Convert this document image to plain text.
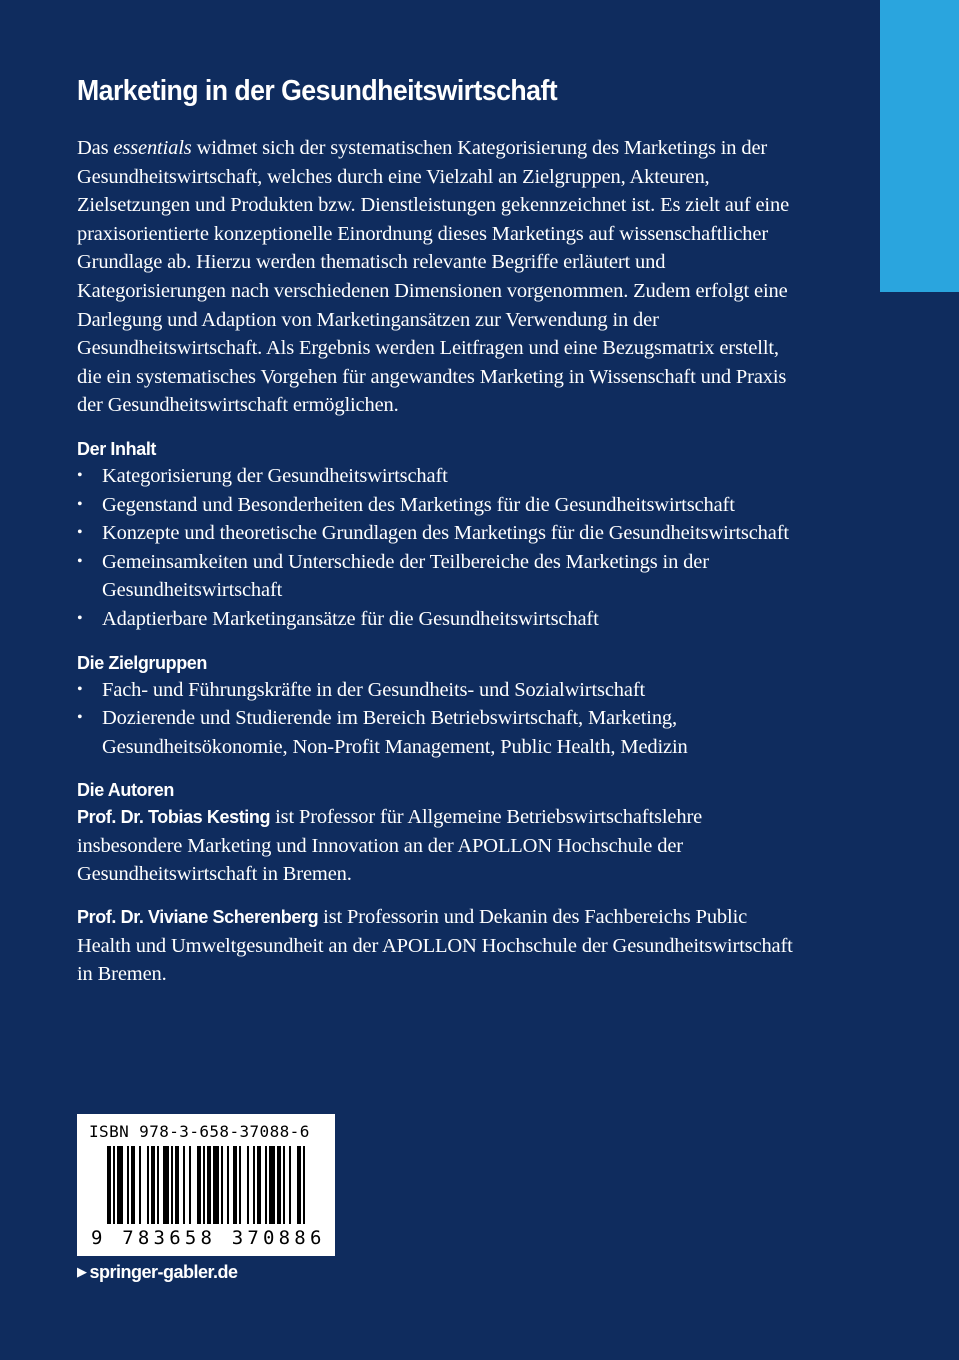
Marketing in der Gesundheitswirtschaft

Das essentials widmet sich der systematischen Kategorisierung des Marketings in der Gesundheitswirtschaft, welches durch eine Vielzahl an Zielgruppen, Akteuren, Zielsetzungen und Produkten bzw. Dienstleistungen gekennzeichnet ist. Es zielt auf eine praxisorientierte konzeptionelle Einordnung dieses Marketings auf wissenschaftlicher Grundlage ab. Hierzu werden thematisch relevante Begriffe erläutert und Kategorisierungen nach verschiedenen Dimensionen vorgenommen. Zudem erfolgt eine Darlegung und Adaption von Marketingansätzen zur Verwendung in der Gesundheitswirtschaft. Als Ergebnis werden Leitfragen und eine Bezugsmatrix erstellt, die ein systematisches Vorgehen für angewandtes Marketing in Wissenschaft und Praxis der Gesundheitswirtschaft ermöglichen.

Der Inhalt
• Kategorisierung der Gesundheitswirtschaft
• Gegenstand und Besonderheiten des Marketings für die Gesundheitswirtschaft
• Konzepte und theoretische Grundlagen des Marketings für die Gesundheitswirtschaft
• Gemeinsamkeiten und Unterschiede der Teilbereiche des Marketings in der Gesundheitswirtschaft
• Adaptierbare Marketingansätze für die Gesundheitswirtschaft
Die Zielgruppen
• Fach- und Führungskräfte in der Gesundheits- und Sozialwirtschaft
• Dozierende und Studierende im Bereich Betriebswirtschaft, Marketing, Gesundheitsökonomie, Non-Profit Management, Public Health, Medizin
Die Autoren

Prof. Dr. Tobias Kesting ist Professor für Allgemeine Betriebswirtschaftslehre insbesondere Marketing und Innovation an der APOLLON Hochschule der Gesundheitswirtschaft in Bremen.

Prof. Dr. Viviane Scherenberg ist Professorin und Dekanin des Fachbereichs Public Health und Umweltgesundheit an der APOLLON Hochschule der Gesundheitswirtschaft in Bremen.

ISBN 978-3-658-37088-6
9 783658 370886
▶ springer-gabler.de
